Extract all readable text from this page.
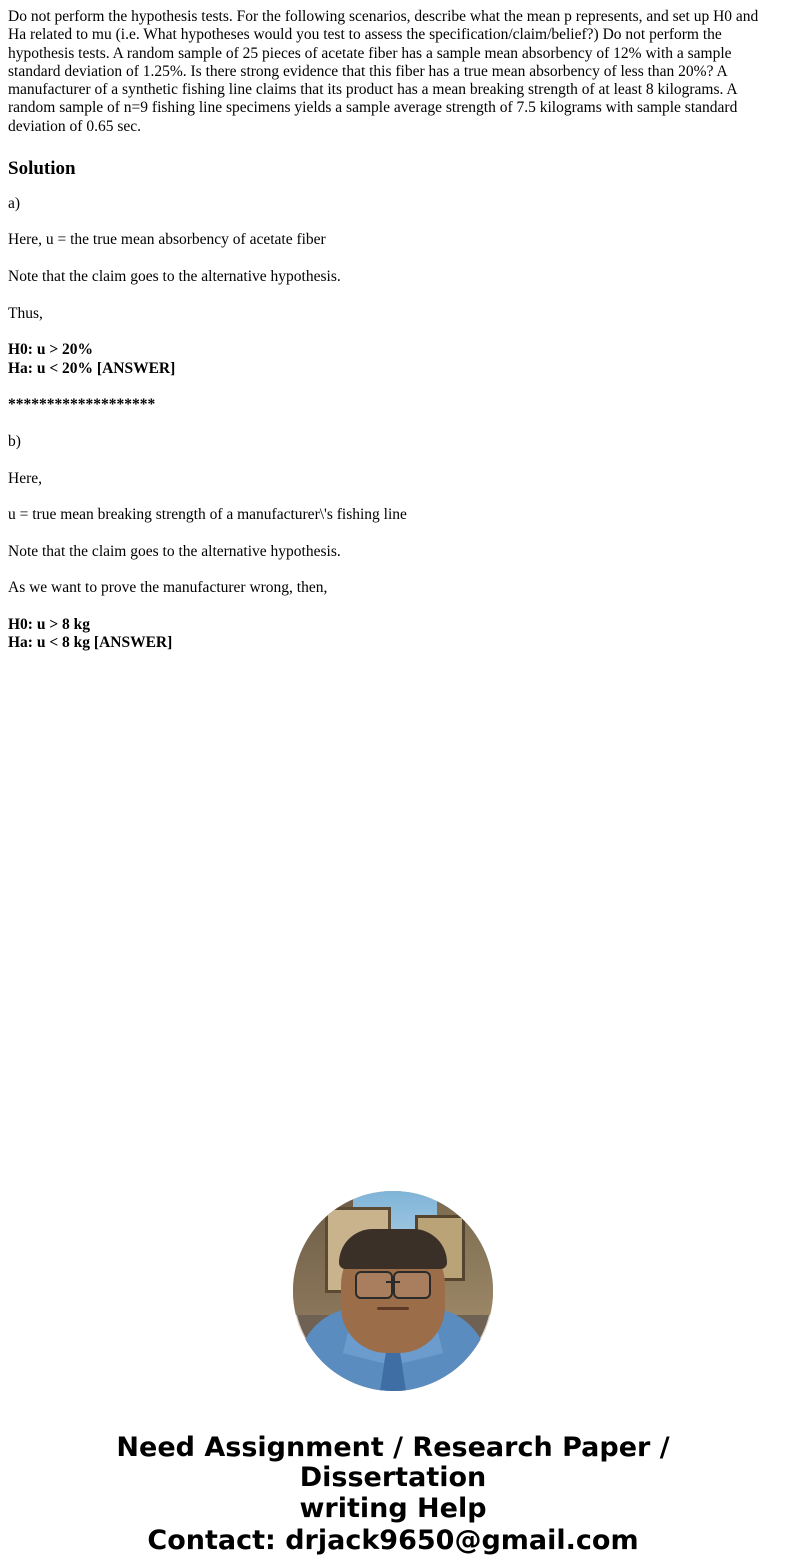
Do not perform the hypothesis tests. For the following scenarios, describe what the mean p represents, and set up H0 and Ha related to mu (i.e. What hypotheses would you test to assess the specification/claim/belief?) Do not perform the hypothesis tests. A random sample of 25 pieces of acetate fiber has a sample mean absorbency of 12% with a sample standard deviation of 1.25%. Is there strong evidence that this fiber has a true mean absorbency of less than 20%? A manufacturer of a synthetic fishing line claims that its product has a mean breaking strength of at least 8 kilograms. A random sample of n=9 fishing line specimens yields a sample average strength of 7.5 kilograms with sample standard deviation of 0.65 sec.

Solution

a)

Here, u = the true mean absorbency of acetate fiber

Note that the claim goes to the alternative hypothesis.

Thus,

H0: u > 20%
Ha: u < 20% [ANSWER]

*******************

b)

Here,

u = true mean breaking strength of a manufacturer\'s fishing line

Note that the claim goes to the alternative hypothesis.

As we want to prove the manufacturer wrong, then,

H0: u > 8 kg
Ha: u < 8 kg [ANSWER]

Need Assignment / Research Paper / Dissertation
writing Help
Contact: drjack9650@gmail.com
